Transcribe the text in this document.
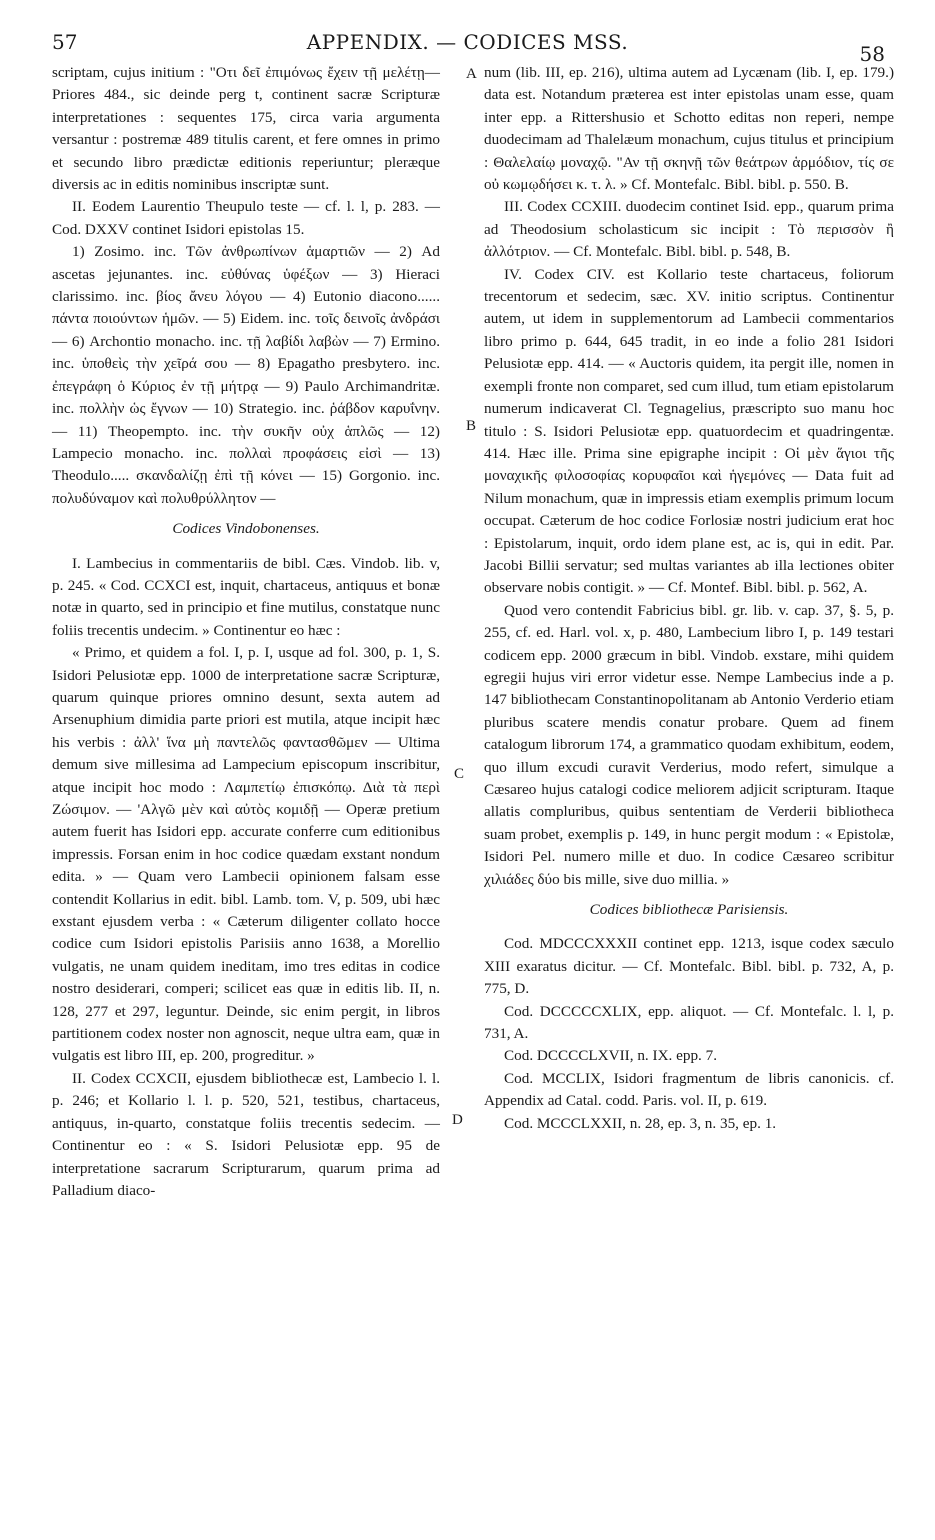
57	APPENDIX. — CODICES MSS.	58
A
B
C
D

scriptam, cujus initium : "Οτι δεῖ ἐπιμόνως ἔχειν τῇ μελέτῃ—Priores 484., sic deinde perg t, continent sacræ Scripturæ interpretationes : sequentes 175, circa varia argumenta versantur : postremæ 489 titulis carent, et fere omnes in primo et secundo libro prædictæ editionis reperiuntur; pleræque diversis ac in editis nominibus inscriptæ sunt.

II. Eodem Laurentio Theupulo teste — cf. l. l, p. 283. — Cod. DXXV continet Isidori epistolas 15.

1) Zosimo. inc. Τῶν ἀνθρωπίνων ἁμαρτιῶν — 2) Ad ascetas jejunantes. inc. εὐθύνας ὑφέξων — 3) Hieraci clarissimo. inc. βίος ἄνευ λόγου — 4) Eutonio diacono...... πάντα ποιούντων ἡμῶν. — 5) Eidem. inc. τοῖς δεινοῖς ἀνδράσι — 6) Archontio monacho. inc. τῇ λαβίδι λαβὼν — 7) Ermino. inc. ὑποθεὶς τὴν χεῖρά σου — 8) Epagatho presbytero. inc. ἐπεγράφη ὁ Κύριος ἐν τῇ μήτρᾳ — 9) Paulo Archimandritæ. inc. πολλὴν ὡς ἔγνων — 10) Strategio. inc. ῥάβδον καρυΐνην. — 11) Theopempto. inc. τὴν συκῆν οὐχ ἁπλῶς — 12) Lampecio monacho. inc. πολλαὶ προφάσεις εἰσὶ — 13) Theodulo..... σκανδαλίζῃ ἐπὶ τῇ κόνει — 15) Gorgonio. inc. πολυδύναμον καὶ πολυθρύλλητον —

Codices Vindobonenses.

I. Lambecius in commentariis de bibl. Cæs. Vindob. lib. v, p. 245. « Cod. CCXCI est, inquit, chartaceus, antiquus et bonæ notæ in quarto, sed in principio et fine mutilus, constatque nunc foliis trecentis undecim. » Continentur eo hæc :

« Primo, et quidem a fol. I, p. I, usque ad fol. 300, p. 1, S. Isidori Pelusiotæ epp. 1000 de interpretatione sacræ Scripturæ, quarum quinque priores omnino desunt, sexta autem ad Arsenuphium dimidia parte priori est mutila, atque incipit hæc his verbis : ἀλλ' ἵνα μὴ παντελῶς φαντασθῶμεν — Ultima demum sive millesima ad Lampecium episcopum inscribitur, atque incipit hoc modo : Λαμπετίῳ ἐπισκόπῳ. Διὰ τὰ περὶ Ζώσιμον. — 'Αλγῶ μὲν καὶ αὐτὸς κομιδῇ — Operæ pretium autem fuerit has Isidori epp. accurate conferre cum editionibus impressis. Forsan enim in hoc codice quædam exstant nondum edita. » — Quam vero Lambecii opinionem falsam esse contendit Kollarius in edit. bibl. Lamb. tom. V, p. 509, ubi hæc exstant ejusdem verba : « Cæterum diligenter collato hocce codice cum Isidori epistolis Parisiis anno 1638, a Morellio vulgatis, ne unam quidem ineditam, imo tres editas in codice nostro desiderari, comperi; scilicet eas quæ in editis lib. II, n. 128, 277 et 297, leguntur. Deinde, sic enim pergit, in libros partitionem codex noster non agnoscit, neque ultra eam, quæ in vulgatis est libro III, ep. 200, progreditur. »

II. Codex CCXCII, ejusdem bibliothecæ est, Lambecio l. l. p. 246; et Kollario l. l. p. 520, 521, testibus, chartaceus, antiquus, in-quarto, constatque foliis trecentis sedecim. — Continentur eo : « S. Isidori Pelusiotæ epp. 95 de interpretatione sacrarum Scripturarum, quarum prima ad Palladium diaco-

num (lib. III, ep. 216), ultima autem ad Lycænam (lib. I, ep. 179.) data est. Notandum præterea est inter epistolas unam esse, quam inter epp. a Rittershusio et Schotto editas non reperi, nempe duodecimam ad Thalelæum monachum, cujus titulus et principium : Θαλελαίῳ μοναχῷ. "Αν τῇ σκηνῇ τῶν θεάτρων ἁρμόδιον, τίς σε οὐ κωμῳδήσει κ. τ. λ. » Cf. Montefalc. Bibl. bibl. p. 550. B.

III. Codex CCXIII. duodecim continet Isid. epp., quarum prima ad Theodosium scholasticum sic incipit : Τὸ περισσὸν ἢ ἀλλότριον. — Cf. Montefalc. Bibl. bibl. p. 548, B.

IV. Codex CIV. est Kollario teste chartaceus, foliorum trecentorum et sedecim, sæc. XV. initio scriptus. Continentur autem, ut idem in supplementorum ad Lambecii commentarios libro primo p. 644, 645 tradit, in eo inde a folio 281 Isidori Pelusiotæ epp. 414. — « Auctoris quidem, ita pergit ille, nomen in exempli fronte non comparet, sed cum illud, tum etiam epistolarum numerum indicaverat Cl. Tegnagelius, præscripto suo manu hoc titulo : S. Isidori Pelusiotæ epp. quatuordecim et quadringentæ. 414. Hæc ille. Prima sine epigraphe incipit : Οἱ μὲν ἅγιοι τῆς μοναχικῆς φιλοσοφίας κορυφαῖοι καὶ ἡγεμόνες — Data fuit ad Nilum monachum, quæ in impressis etiam exemplis primum locum occupat. Cæterum de hoc codice Forlosiæ nostri judicium erat hoc : Epistolarum, inquit, ordo idem plane est, ac is, qui in edit. Par. Jacobi Billii servatur; sed multas variantes ab illa lectiones obiter observare nobis contigit. » — Cf. Montef. Bibl. bibl. p. 562, A.

Quod vero contendit Fabricius bibl. gr. lib. v. cap. 37, §. 5, p. 255, cf. ed. Harl. vol. x, p. 480, Lambecium libro I, p. 149 testari codicem epp. 2000 græcum in bibl. Vindob. exstare, mihi quidem egregii hujus viri error videtur esse. Nempe Lambecius inde a p. 147 bibliothecam Constantinopolitanam ab Antonio Verderio etiam pluribus scatere mendis conatur probare. Quem ad finem catalogum librorum 174, a grammatico quodam exhibitum, eodem, quo illum excudi curavit Verderius, modo refert, simulque a Cæsareo hujus catalogi codice meliorem adjicit scripturam. Itaque allatis compluribus, quibus sententiam de Verderii bibliotheca suam probet, exemplis p. 149, in hunc pergit modum : « Epistolæ, Isidori Pel. numero mille et duo. In codice Cæsareo scribitur χιλιάδες δύο bis mille, sive duo millia. »

Codices bibliothecæ Parisiensis.

Cod. MDCCCXXXII continet epp. 1213, isque codex sæculo XIII exaratus dicitur. — Cf. Montefalc. Bibl. bibl. p. 732, A, p. 775, D.

Cod. DCCCCCXLIX, epp. aliquot. — Cf. Montefalc. l. l, p. 731, A.

Cod. DCCCCLXVII, n. IX. epp. 7.

Cod. MCCLIX, Isidori fragmentum de libris canonicis. cf. Appendix ad Catal. codd. Paris. vol. II, p. 619.

Cod. MCCCLXXII, n. 28, ep. 3, n. 35, ep. 1.
